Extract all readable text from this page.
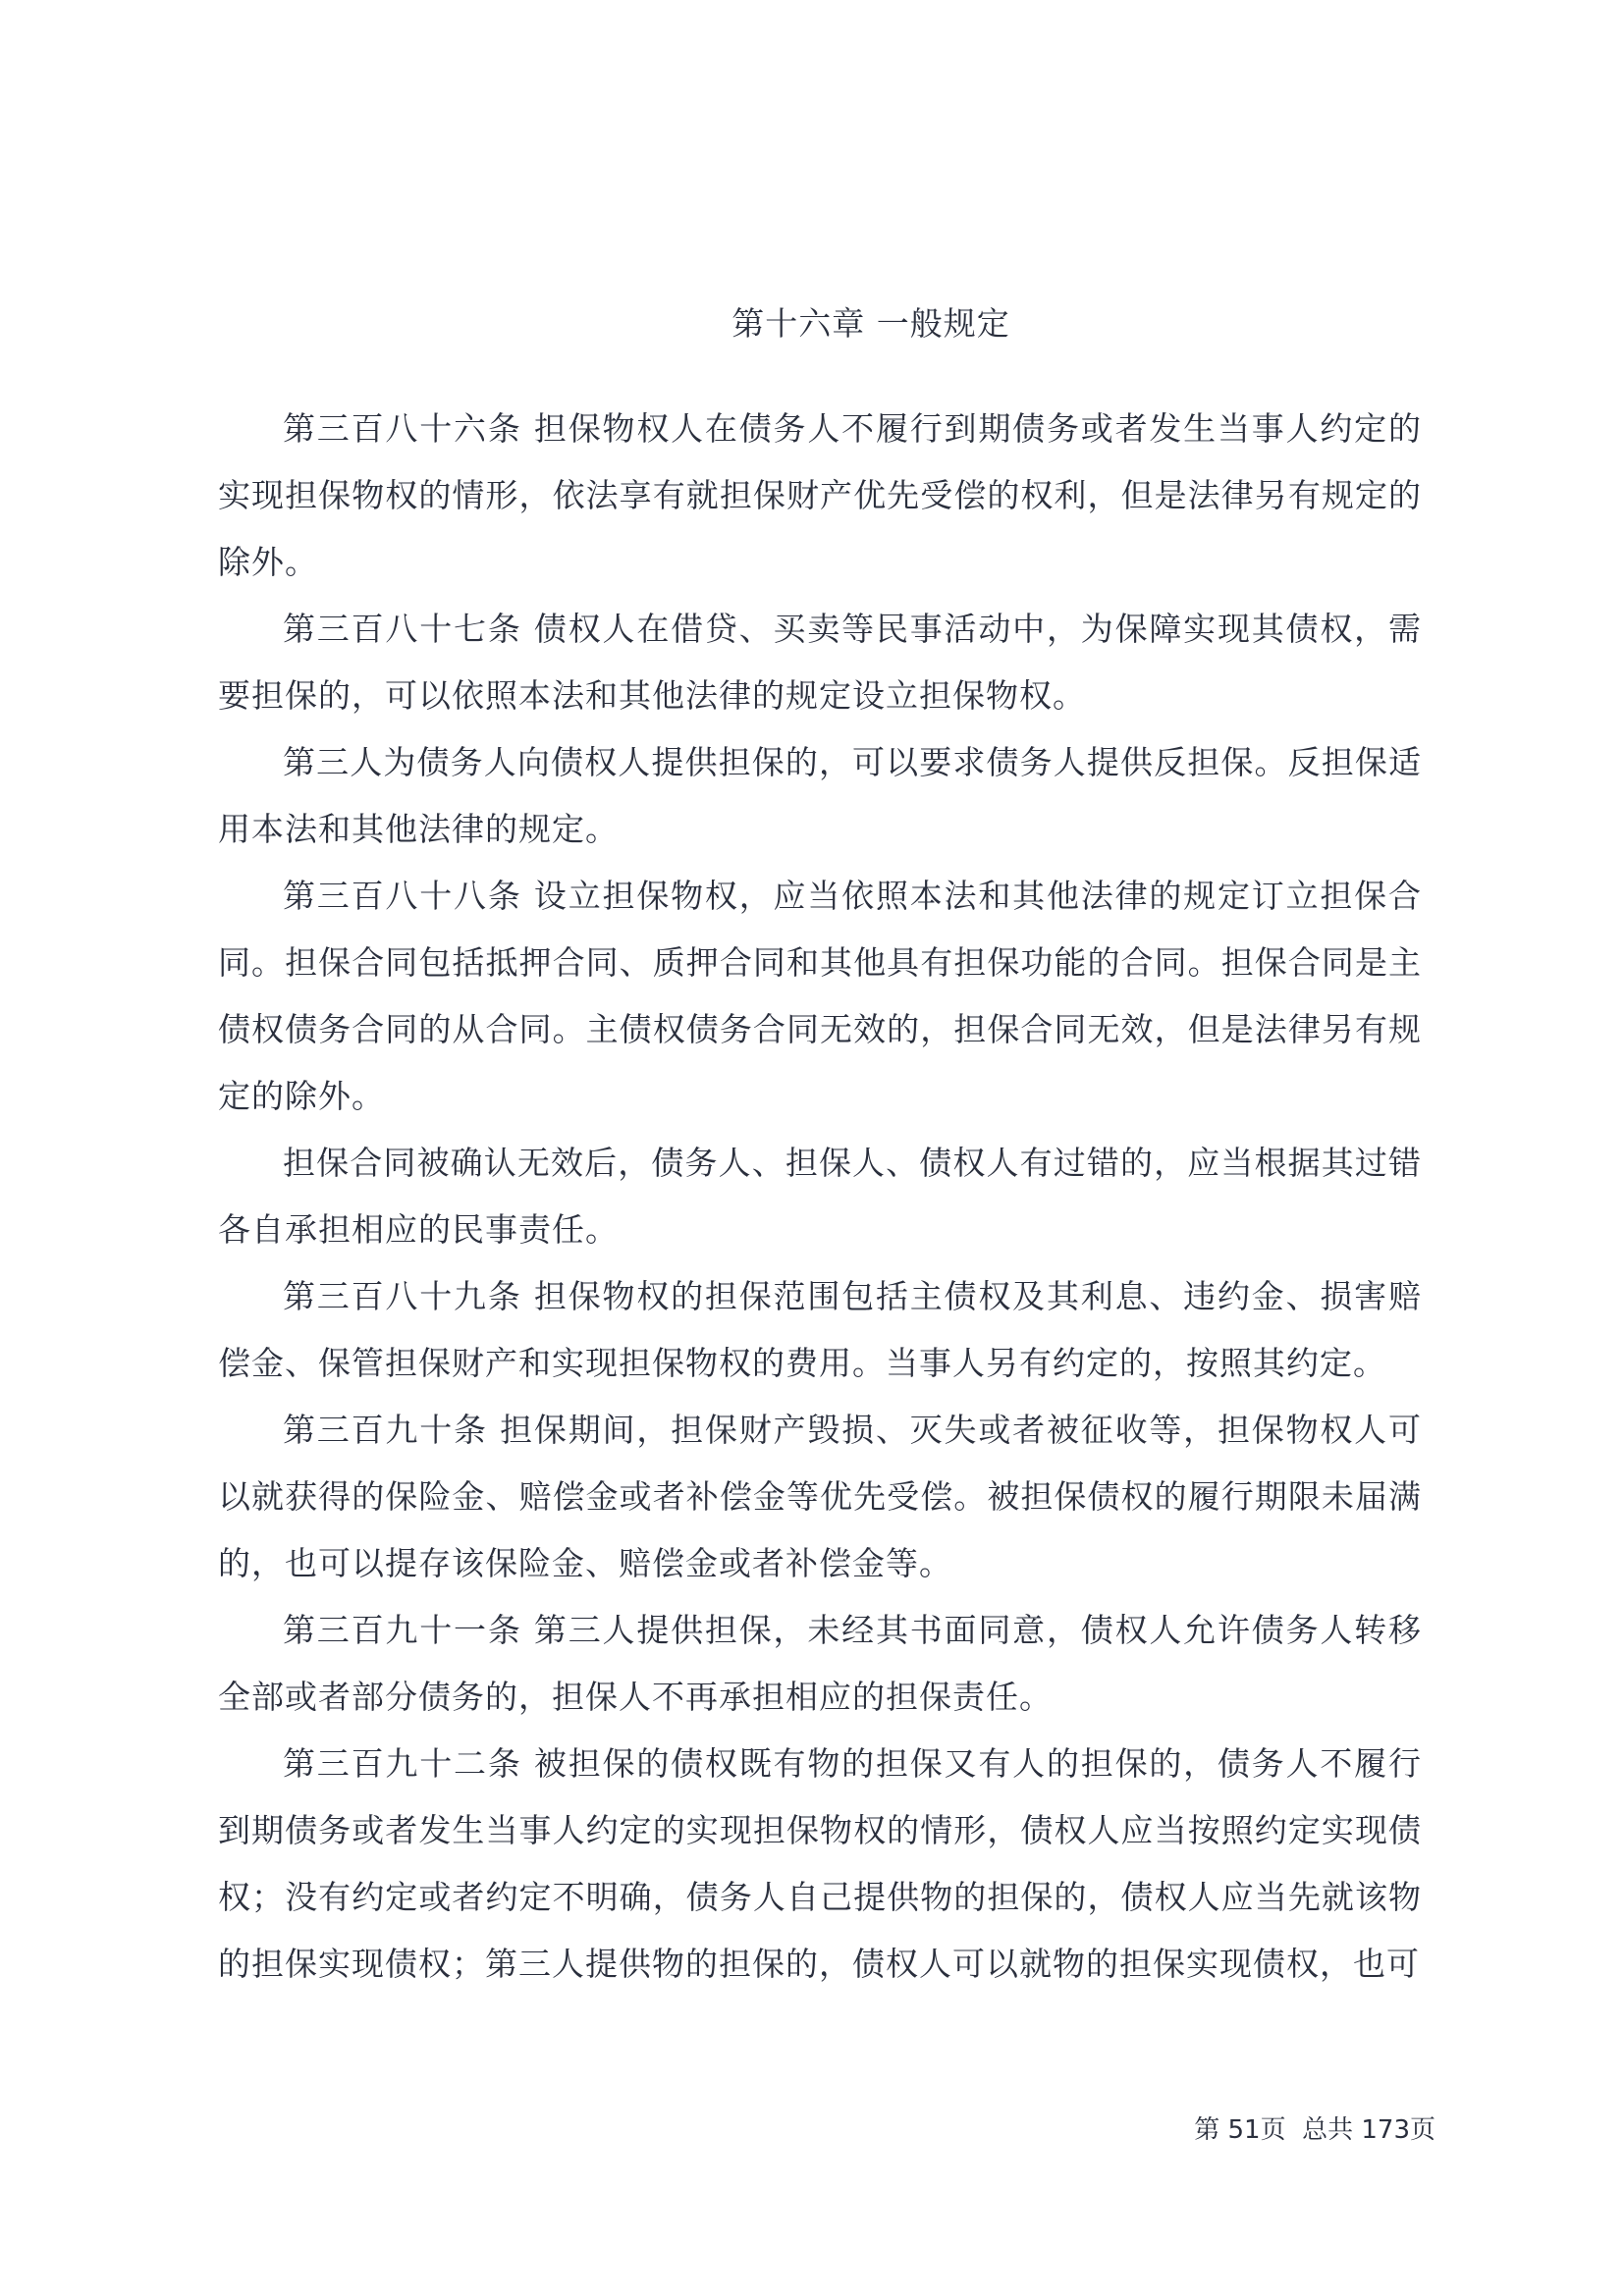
第十六章 一般规定

第三百八十六条 担保物权人在债务人不履行到期债务或者发生当事人约定的实现担保物权的情形，依法享有就担保财产优先受偿的权利，但是法律另有规定的除外。

第三百八十七条 债权人在借贷、买卖等民事活动中，为保障实现其债权，需要担保的，可以依照本法和其他法律的规定设立担保物权。

第三人为债务人向债权人提供担保的，可以要求债务人提供反担保。反担保适用本法和其他法律的规定。

第三百八十八条 设立担保物权，应当依照本法和其他法律的规定订立担保合同。担保合同包括抵押合同、质押合同和其他具有担保功能的合同。担保合同是主债权债务合同的从合同。主债权债务合同无效的，担保合同无效，但是法律另有规定的除外。

担保合同被确认无效后，债务人、担保人、债权人有过错的，应当根据其过错各自承担相应的民事责任。

第三百八十九条 担保物权的担保范围包括主债权及其利息、违约金、损害赔偿金、保管担保财产和实现担保物权的费用。当事人另有约定的，按照其约定。

第三百九十条 担保期间，担保财产毁损、灭失或者被征收等，担保物权人可以就获得的保险金、赔偿金或者补偿金等优先受偿。被担保债权的履行期限未届满的，也可以提存该保险金、赔偿金或者补偿金等。

第三百九十一条 第三人提供担保，未经其书面同意，债权人允许债务人转移全部或者部分债务的，担保人不再承担相应的担保责任。

第三百九十二条 被担保的债权既有物的担保又有人的担保的，债务人不履行到期债务或者发生当事人约定的实现担保物权的情形，债权人应当按照约定实现债权；没有约定或者约定不明确，债务人自己提供物的担保的，债权人应当先就该物的担保实现债权；第三人提供物的担保的，债权人可以就物的担保实现债权，也可

第 51页  总共 173页
